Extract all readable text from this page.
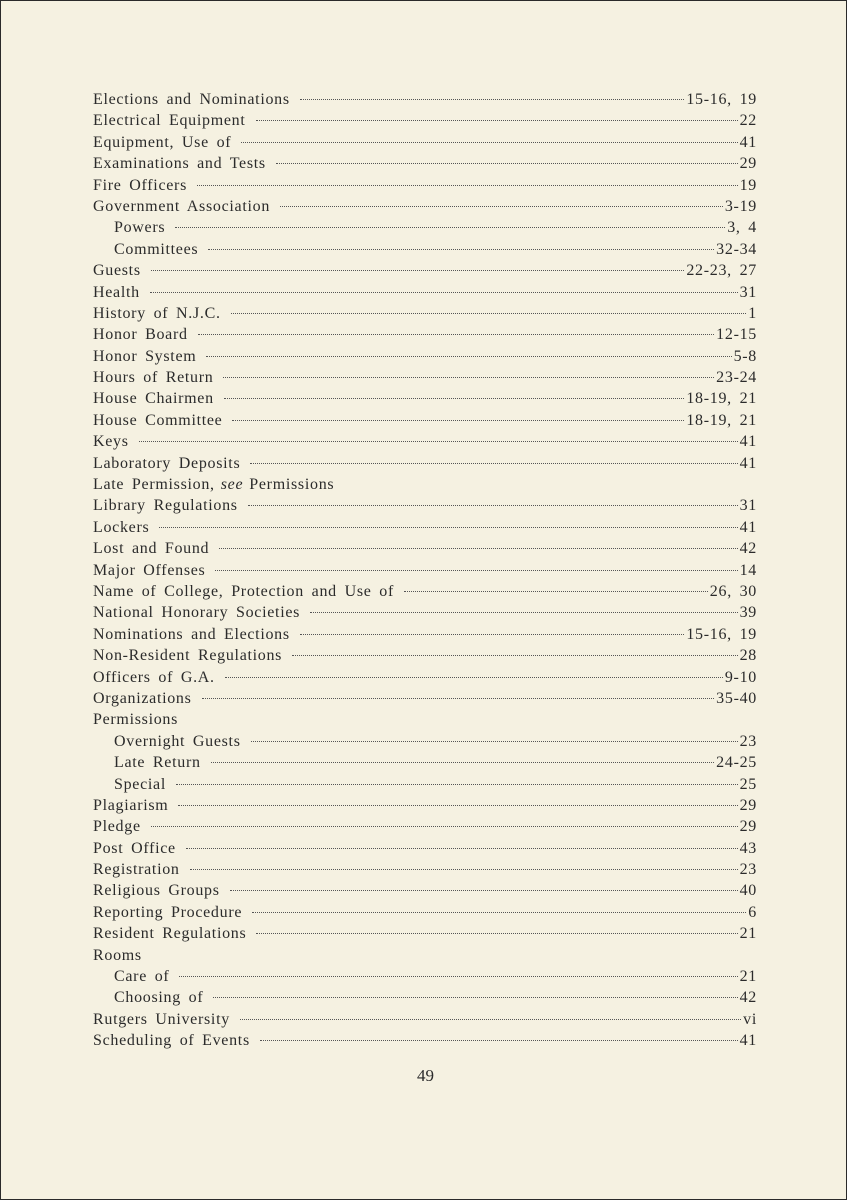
Elections and Nominations	15-16, 19
Electrical Equipment	22
Equipment, Use of	41
Examinations and Tests	29
Fire Officers	19
Government Association	3-19
Powers	3, 4
Committees	32-34
Guests	22-23, 27
Health	31
History of N.J.C.	1
Honor Board	12-15
Honor System	5-8
Hours of Return	23-24
House Chairmen	18-19, 21
House Committee	18-19, 21
Keys	41
Laboratory Deposits	41
Late Permission, see Permissions
Library Regulations	31
Lockers	41
Lost and Found	42
Major Offenses	14
Name of College, Protection and Use of	26, 30
National Honorary Societies	39
Nominations and Elections	15-16, 19
Non-Resident Regulations	28
Officers of G.A.	9-10
Organizations	35-40
Permissions
Overnight Guests	23
Late Return	24-25
Special	25
Plagiarism	29
Pledge	29
Post Office	43
Registration	23
Religious Groups	40
Reporting Procedure	6
Resident Regulations	21
Rooms
Care of	21
Choosing of	42
Rutgers University	vi
Scheduling of Events	41
49
